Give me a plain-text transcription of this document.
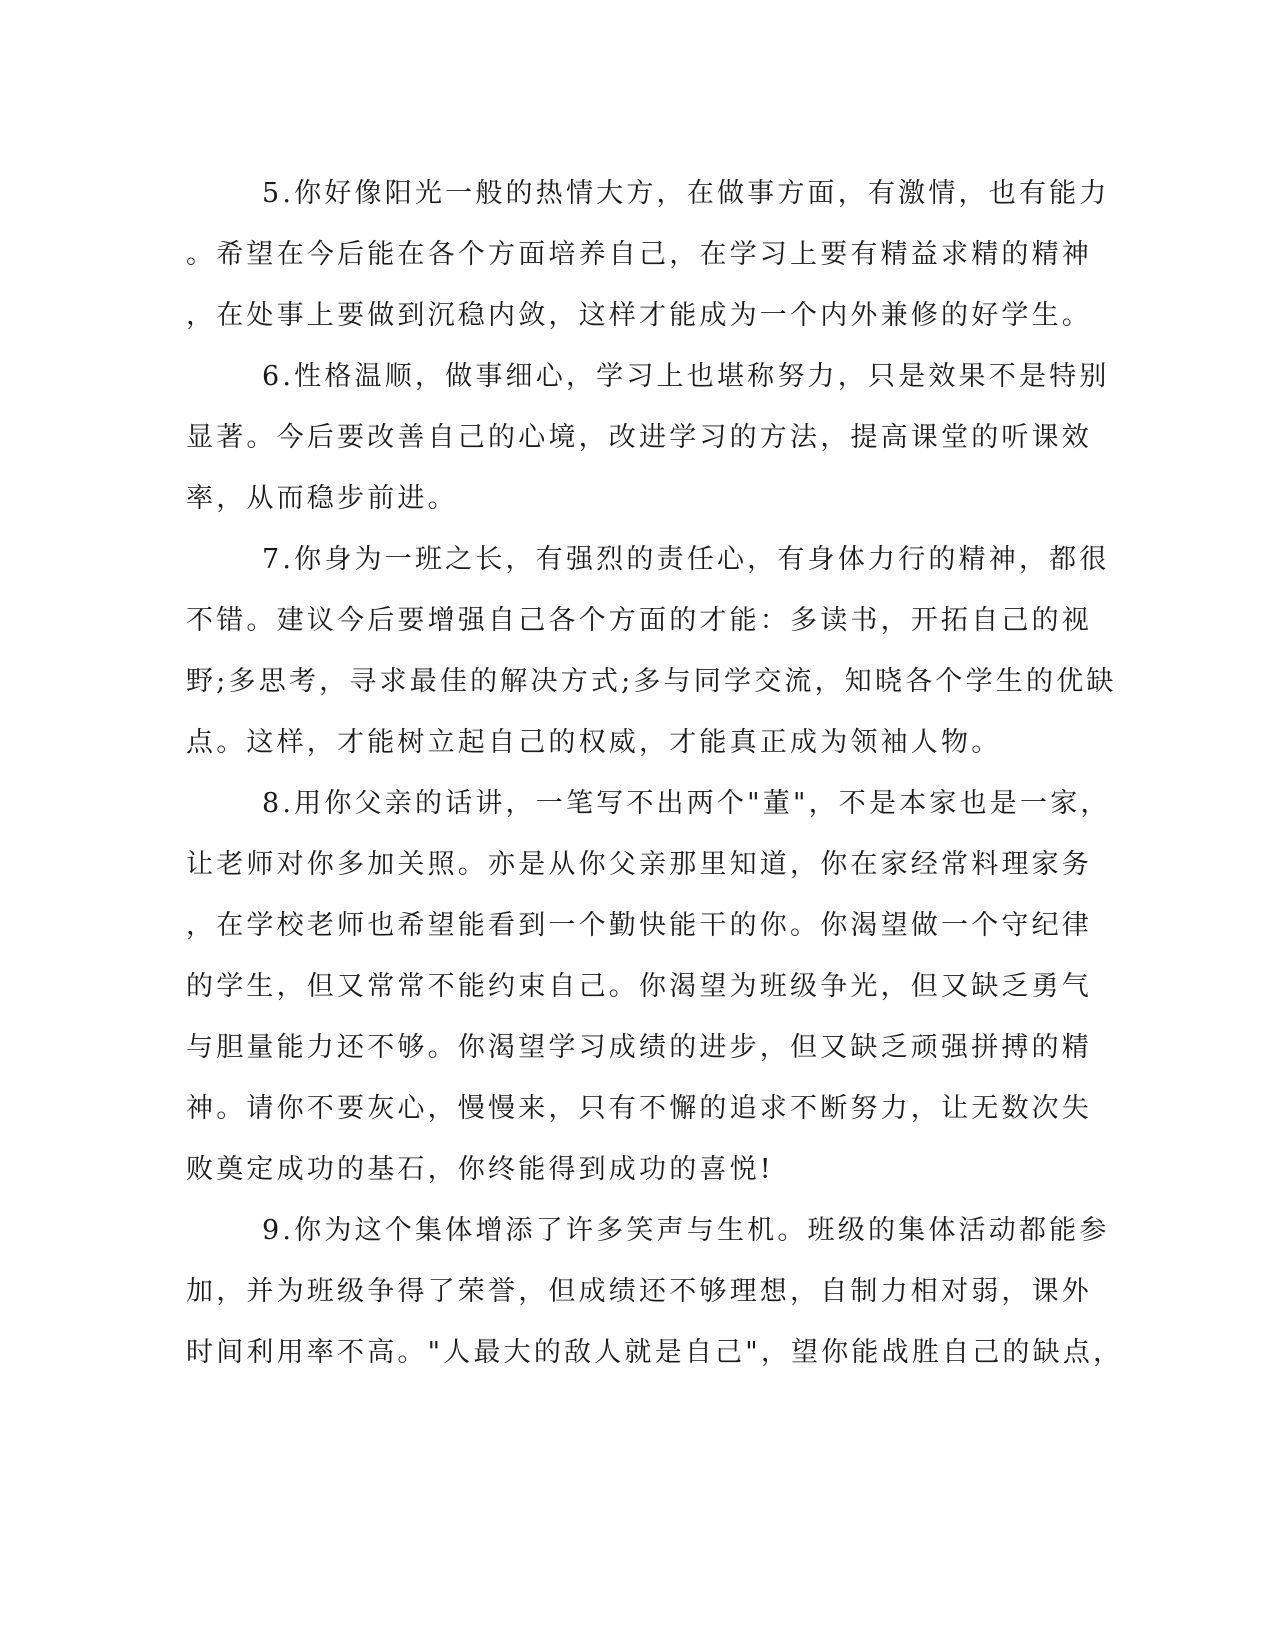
5.你好像阳光一般的热情大方，在做事方面，有激情，也有能力
。希望在今后能在各个方面培养自己，在学习上要有精益求精的精神
，在处事上要做到沉稳内敛，这样才能成为一个内外兼修的好学生。
6.性格温顺，做事细心，学习上也堪称努力，只是效果不是特别
显著。今后要改善自己的心境，改进学习的方法，提高课堂的听课效
率，从而稳步前进。
7.你身为一班之长，有强烈的责任心，有身体力行的精神，都很
不错。建议今后要增强自己各个方面的才能：多读书，开拓自己的视
野;多思考，寻求最佳的解决方式;多与同学交流，知晓各个学生的优缺
点。这样，才能树立起自己的权威，才能真正成为领袖人物。
8.用你父亲的话讲，一笔写不出两个"董"，不是本家也是一家，
让老师对你多加关照。亦是从你父亲那里知道，你在家经常料理家务
，在学校老师也希望能看到一个勤快能干的你。你渴望做一个守纪律
的学生，但又常常不能约束自己。你渴望为班级争光，但又缺乏勇气
与胆量能力还不够。你渴望学习成绩的进步，但又缺乏顽强拼搏的精
神。请你不要灰心，慢慢来，只有不懈的追求不断努力，让无数次失
败奠定成功的基石，你终能得到成功的喜悦!
9.你为这个集体增添了许多笑声与生机。班级的集体活动都能参
加，并为班级争得了荣誉，但成绩还不够理想，自制力相对弱，课外
时间利用率不高。"人最大的敌人就是自己"，望你能战胜自己的缺点，
